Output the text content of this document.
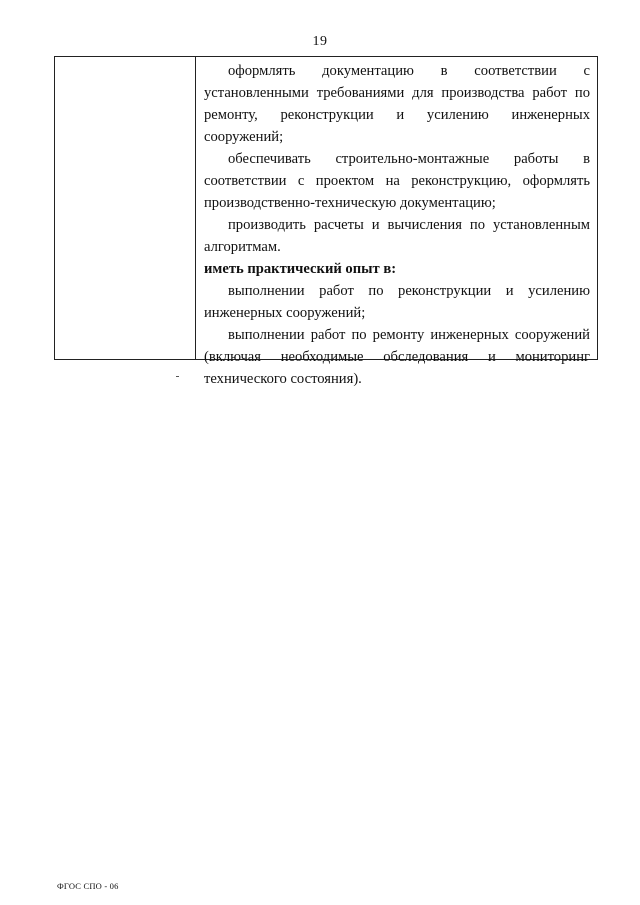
19

оформлять документацию в соответствии с установленными требованиями для производства работ по ремонту, реконструкции и усилению инженерных сооружений;

обеспечивать строительно-монтажные работы в соответствии с проектом на реконструкцию, оформлять производственно-техническую документацию;

производить расчеты и вычисления по установленным алгоритмам.

иметь практический опыт в:

выполнении работ по реконструкции и усилению инженерных сооружений;

выполнении работ по ремонту инженерных сооружений (включая необходимые обследования и мониторинг технического состояния).

ФГОС СПО - 06
